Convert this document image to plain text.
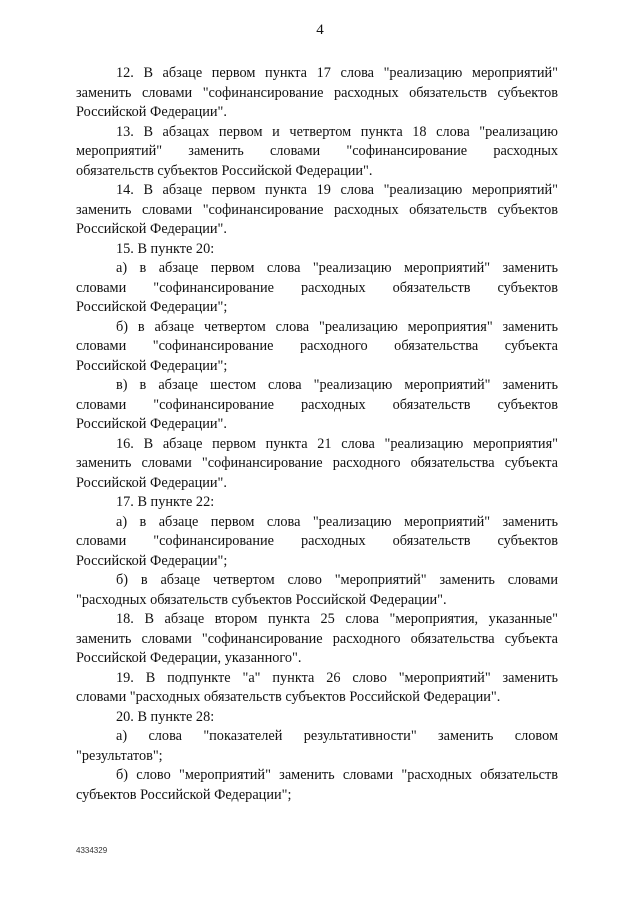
4

12. В абзаце первом пункта 17 слова "реализацию мероприятий"
заменить словами "софинансирование расходных обязательств субъектов
Российской Федерации".

13. В абзацах первом и четвертом пункта 18 слова "реализацию
мероприятий" заменить словами "софинансирование расходных
обязательств субъектов Российской Федерации".

14. В абзаце первом пункта 19 слова "реализацию мероприятий"
заменить словами "софинансирование расходных обязательств субъектов
Российской Федерации".

15. В пункте 20:

а) в абзаце первом слова "реализацию мероприятий" заменить
словами "софинансирование расходных обязательств субъектов
Российской Федерации";

б) в абзаце четвертом слова "реализацию мероприятия" заменить
словами "софинансирование расходного обязательства субъекта
Российской Федерации";

в) в абзаце шестом слова "реализацию мероприятий" заменить
словами "софинансирование расходных обязательств субъектов
Российской Федерации".

16. В абзаце первом пункта 21 слова "реализацию мероприятия"
заменить словами "софинансирование расходного обязательства субъекта
Российской Федерации".

17. В пункте 22:

а) в абзаце первом слова "реализацию мероприятий" заменить
словами "софинансирование расходных обязательств субъектов
Российской Федерации";

б) в абзаце четвертом слово "мероприятий" заменить словами
"расходных обязательств субъектов Российской Федерации".

18. В абзаце втором пункта 25 слова "мероприятия, указанные"
заменить словами "софинансирование расходного обязательства субъекта
Российской Федерации, указанного".

19. В подпункте "а" пункта 26 слово "мероприятий" заменить
словами "расходных обязательств субъектов Российской Федерации".

20. В пункте 28:

а) слова "показателей результативности" заменить словом
"результатов";

б) слово "мероприятий" заменить словами "расходных обязательств
субъектов Российской Федерации";

4334329
